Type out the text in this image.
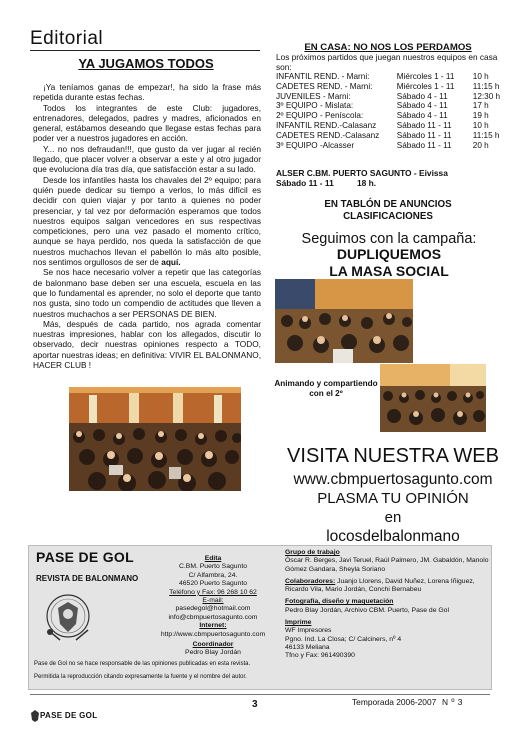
Editorial
YA JUGAMOS TODOS

¡Ya teníamos ganas de empezar!, ha sido la frase más repetida durante estas fechas.

Todos los integrantes de este Club: jugadores, entrenadores, delegados, padres y madres, aficionados en general, estábamos deseando que llegase estas fechas para poder ver a nuestros jugadores en acción.

Y... no nos defraudan!!!, que gusto da ver jugar al recién llegado, que placer volver a observar a este y al otro jugador que evoluciona día tras día, que satisfacción estar a su lado.

Desde los infantiles hasta los chavales del 2º equipo; para quién puede dedicar su tiempo a verlos, lo más difícil es decidir con quien viajar y por tanto a quienes no poder presenciar, y tal vez por deformación esperamos que todos nuestros equipos salgan vencedores en sus respectivas competiciones, pero una vez pasado el momento crítico, aunque se haya perdido, nos queda la satisfacción de que nuestros muchachos llevan el pabellón lo más alto posible, nos sentimos orgullosos de ser de aquí.

Se nos hace necesario volver a repetir que las categorías de balonmano base deben ser una escuela, escuela en las que lo fundamental es aprender, no solo el deporte que tanto nos gusta, sino todo un compendio de actitudes que lleven a nuestros muchachos a ser PERSONAS DE BIEN.

Más, después de cada partido, nos agrada comentar nuestras impresiones, hablar con los allegados, discutir lo observado, decir nuestras opiniones respecto a TODO, aportar nuestras ideas; en definitiva: VIVIR EL BALONMANO, HACER CLUB !

EN CASA: NO NOS LOS PERDAMOS
Los próximos partidos que juegan nuestros equipos en casa son:
INFANTIL REND. - Marni:	Miércoles 1 - 11	10 h
CADETES REND. - Marni:	Miércoles 1 - 11	11:15 h
JUVENILES - Marni:	Sábado 4 - 11	12:30 h
3º EQUIPO - Mislata:	Sábado 4 - 11	17 h
2º EQUIPO - Peníscola:	Sábado 4 - 11	19 h
INFANTIL REND.-Calasanz	Sábado 11 - 11	10 h
CADETES REND.-Calasanz	Sábado 11 - 11	11:15 h
3º EQUIPO -Alcasser	Sábado 11 - 11	20 h
ALSER C.BM. PUERTO SAGUNTO - Eivissa
Sábado 11 - 11          18 h.
EN TABLÓN DE ANUNCIOS
CLASIFICACIONES
Seguimos con la campaña:
DUPLIQUEMOS
LA MASA SOCIAL
Animando y compartiendo
con el 2º
VISITA NUESTRA WEB
www.cbmpuertosagunto.com
PLASMA TU OPINIÓN
en
locosdelbalonmano
PASE DE GOL
REVISTA DE BALONMANO
Edita
C.BM. Puerto Sagunto
C/ Alfambra, 24.
46520 Puerto Sagunto
Teléfono y Fax: 96 268 10 62
E-mail:
pasedegol@hotmail.com
info@cbmpuertosagunto.com
Internet:
http://www.cbmpuertosagunto.com
Coordinador
Pedro Blay Jordán
Grupo de trabajo
Óscar R. Berges, Javi Teruel, Raúl Palmero, JM. Gabaldón, Manolo Gómez Gandara, Sheyla Soriano
Colaboradores: Juanjo Llorens, David Nuñez, Lorena Iñiguez, Ricardo Vila, Mario Jordán, Conchi Bernabeu
Fotografía, diseño y maquetación
Pedro Blay Jordán, Archivo CBM. Puerto, Pase de Gol
Imprime
WF Impresores
Pgno. Ind. La Closa; C/ Calciners, nº 4
46133 Meliana
Tfno y Fax: 961490390
Pase de Gol no se hace responsable de las opiniones publicadas en esta revista.
Permitida la reproducción citando expresamente la fuente y el nombre del autor.
3
PASE DE GOL
Temporada 2006-2007 N º 3
